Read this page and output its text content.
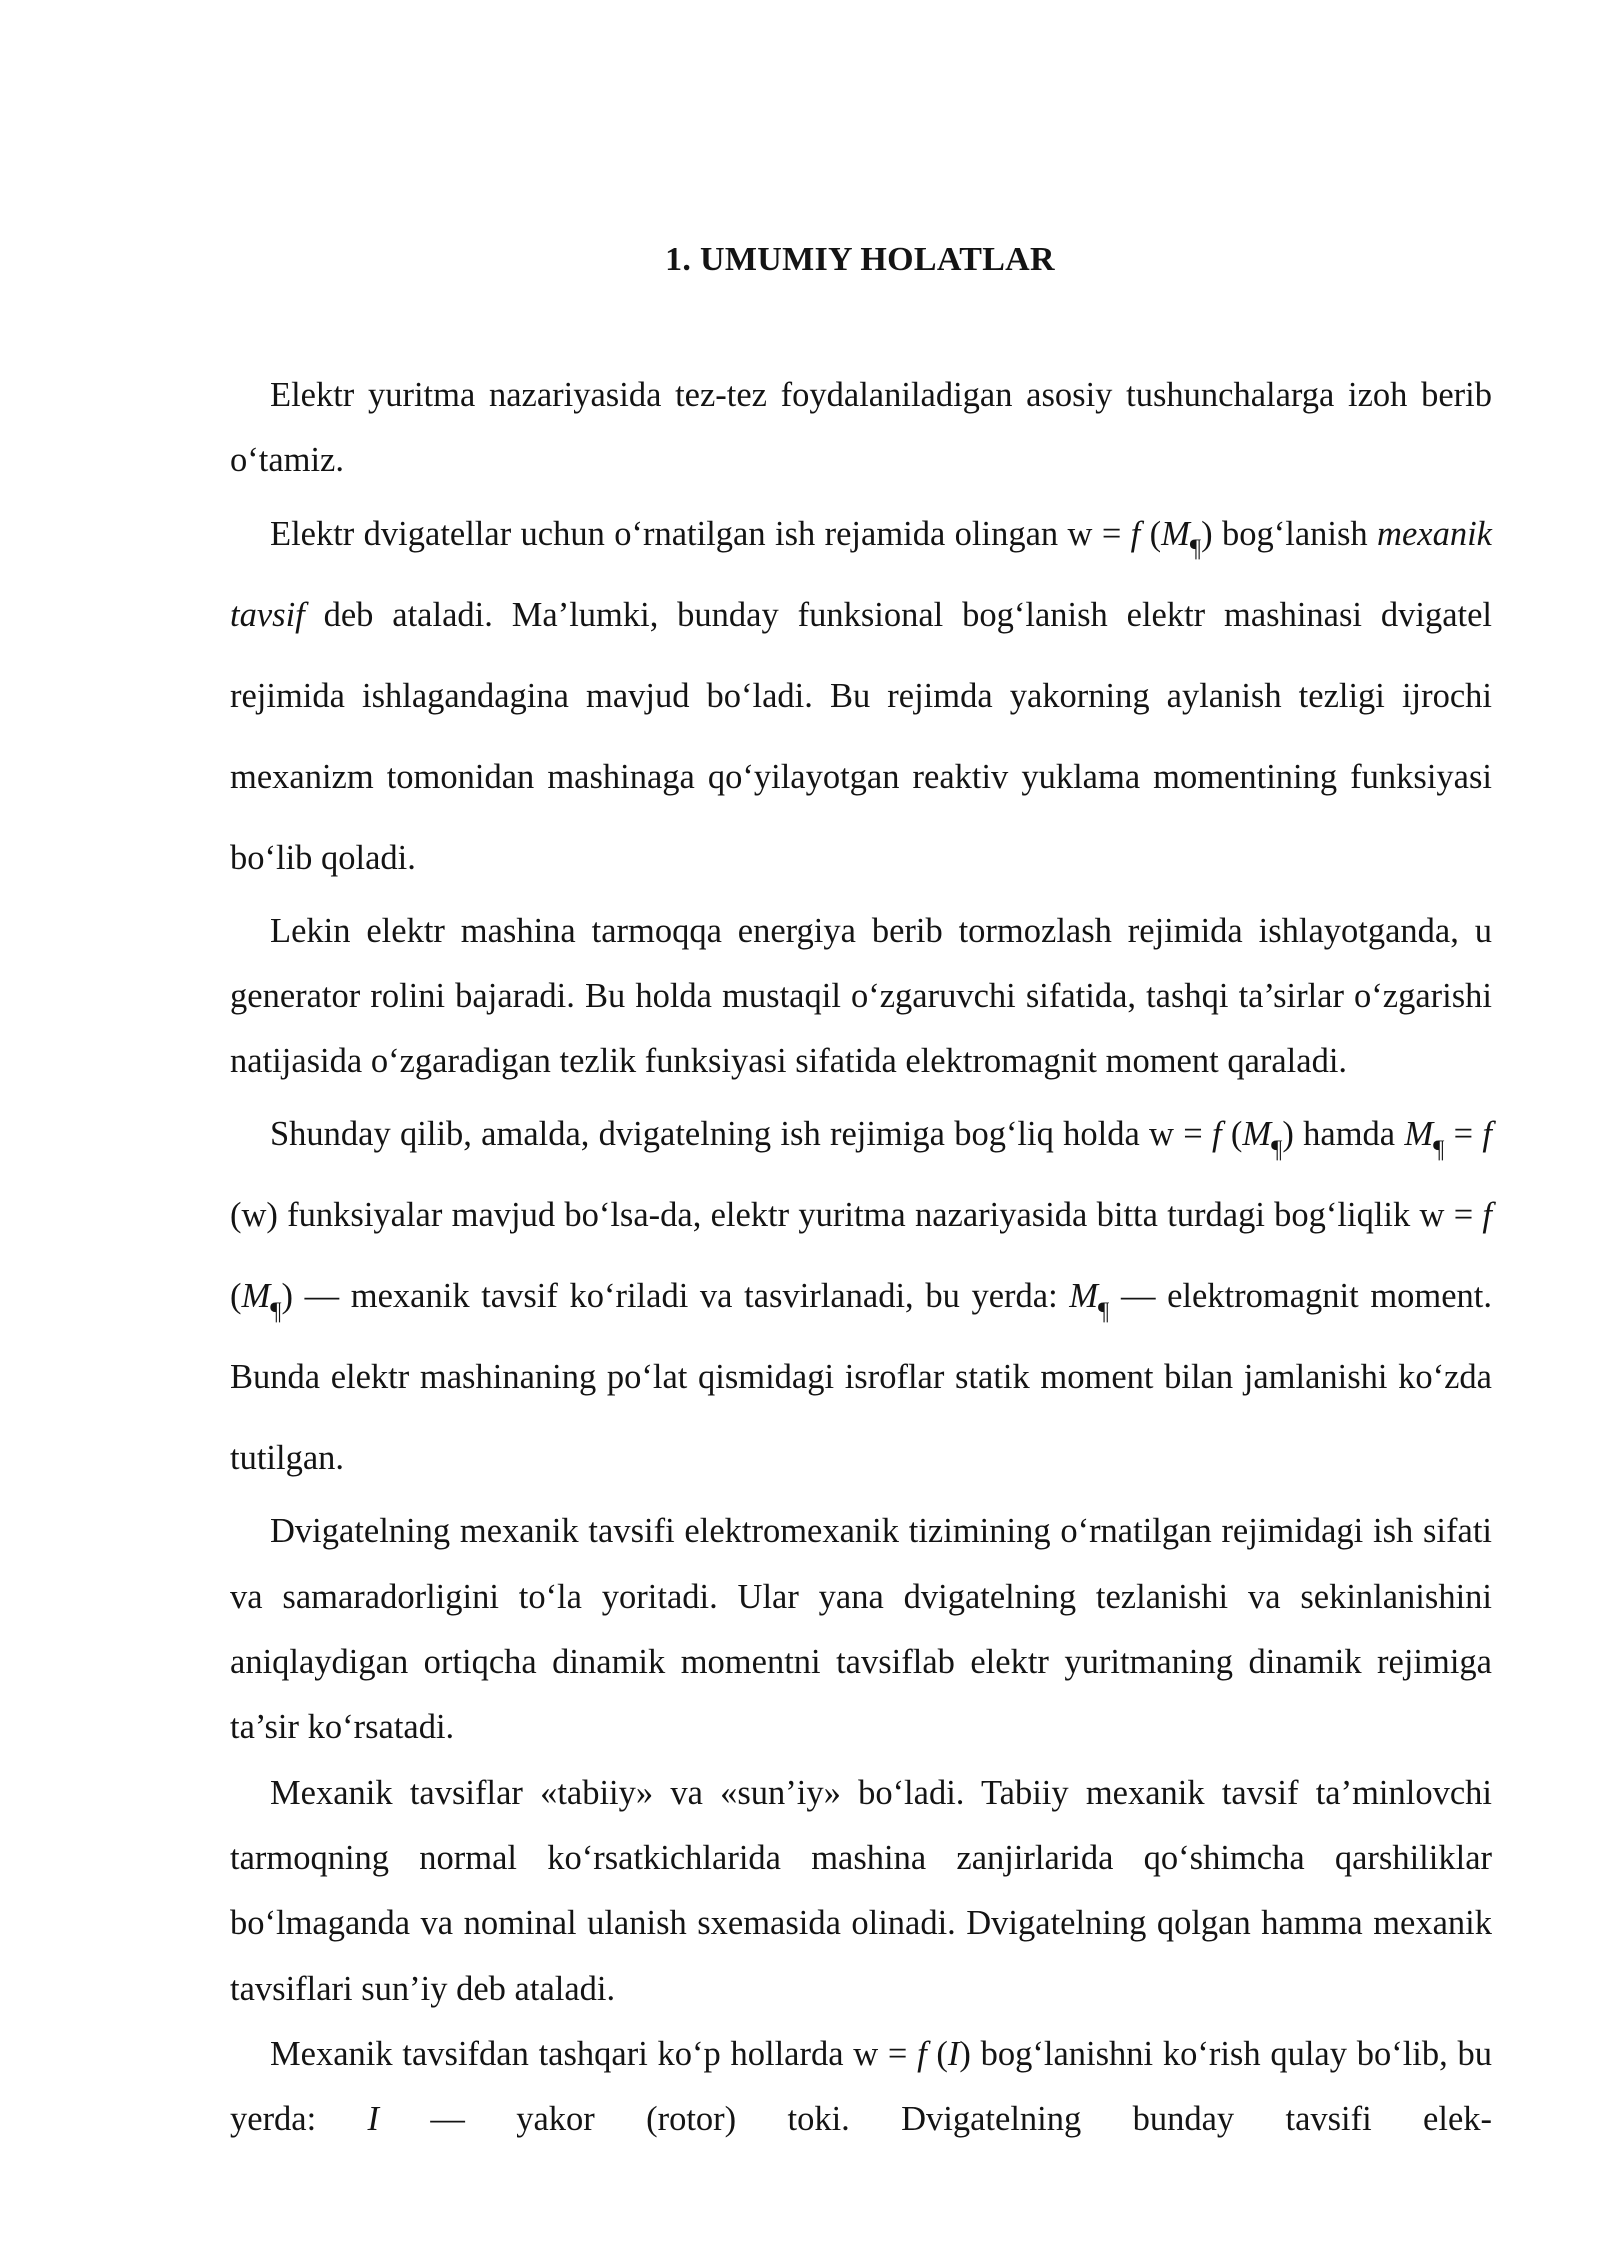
1. UMUMIY HOLATLAR

Elektr yuritma nazariyasida tez-tez foydalaniladigan asosiy tushunchalarga izoh berib o‘tamiz.

Elektr dvigatellar uchun o‘rnatilgan ish rejamida olingan w = f $(M_\P)$ bog‘lanish mexanik tavsif deb ataladi. Ma’lumki, bunday funksional bog‘lanish elektr mashinasi dvigatel rejimida ishlagandagina mavjud bo‘ladi. Bu rejimda yakorning aylanish tezligi ijrochi mexanizm tomonidan mashinaga qo‘yilayotgan reaktiv yuklama momentining funksiyasi bo‘lib qoladi.

Lekin elektr mashina tarmoqqa energiya berib tormozlash rejimida ishlayotganda, u generator rolini bajaradi. Bu holda mustaqil o‘zgaruvchi sifatida, tashqi ta’sirlar o‘zgarishi natijasida o‘zgaradigan tezlik funksiyasi sifatida elektromagnit moment qaraladi.

Shunday qilib, amalda, dvigatelning ish rejimiga bog‘liq holda w = f $(M_\P)$ hamda $M_\P = f$ (w) funksiyalar mavjud bo‘lsa-da, elektr yuritma nazariyasida bitta turdagi bog‘liqlik w = f $(M_\P)$ — mexanik tavsif ko‘riladi va tasvirlanadi, bu yerda: $M_\P$ — elektromagnit moment. Bunda elektr mashinaning po‘lat qismidagi isroflar statik moment bilan jamlanishi ko‘zda tutilgan.

Dvigatelning mexanik tavsifi elektromexanik tizimining o‘rnatilgan rejimidagi ish sifati va samaradorligini to‘la yoritadi. Ular yana dvigatelning tezlanishi va sekinlanishini aniqlaydigan ortiqcha dinamik momentni tavsiflab elektr yuritmaning dinamik rejimiga ta’sir ko‘rsatadi.

Mexanik tavsiflar «tabiiy» va «sun’iy» bo‘ladi. Tabiiy mexanik tavsif ta’minlovchi tarmoqning normal ko‘rsatkichlarida mashina zanjirlarida qo‘shimcha qarshiliklar bo‘lmaganda va nominal ulanish sxemasida olinadi. Dvigatelning qolgan hamma mexanik tavsiflari sun’iy deb ataladi.

Mexanik tavsifdan tashqari ko‘p hollarda w = f (I) bog‘lanishni ko‘rish qulay bo‘lib, bu yerda: I — yakor (rotor) toki. Dvigatelning bunday tavsifi elek-
